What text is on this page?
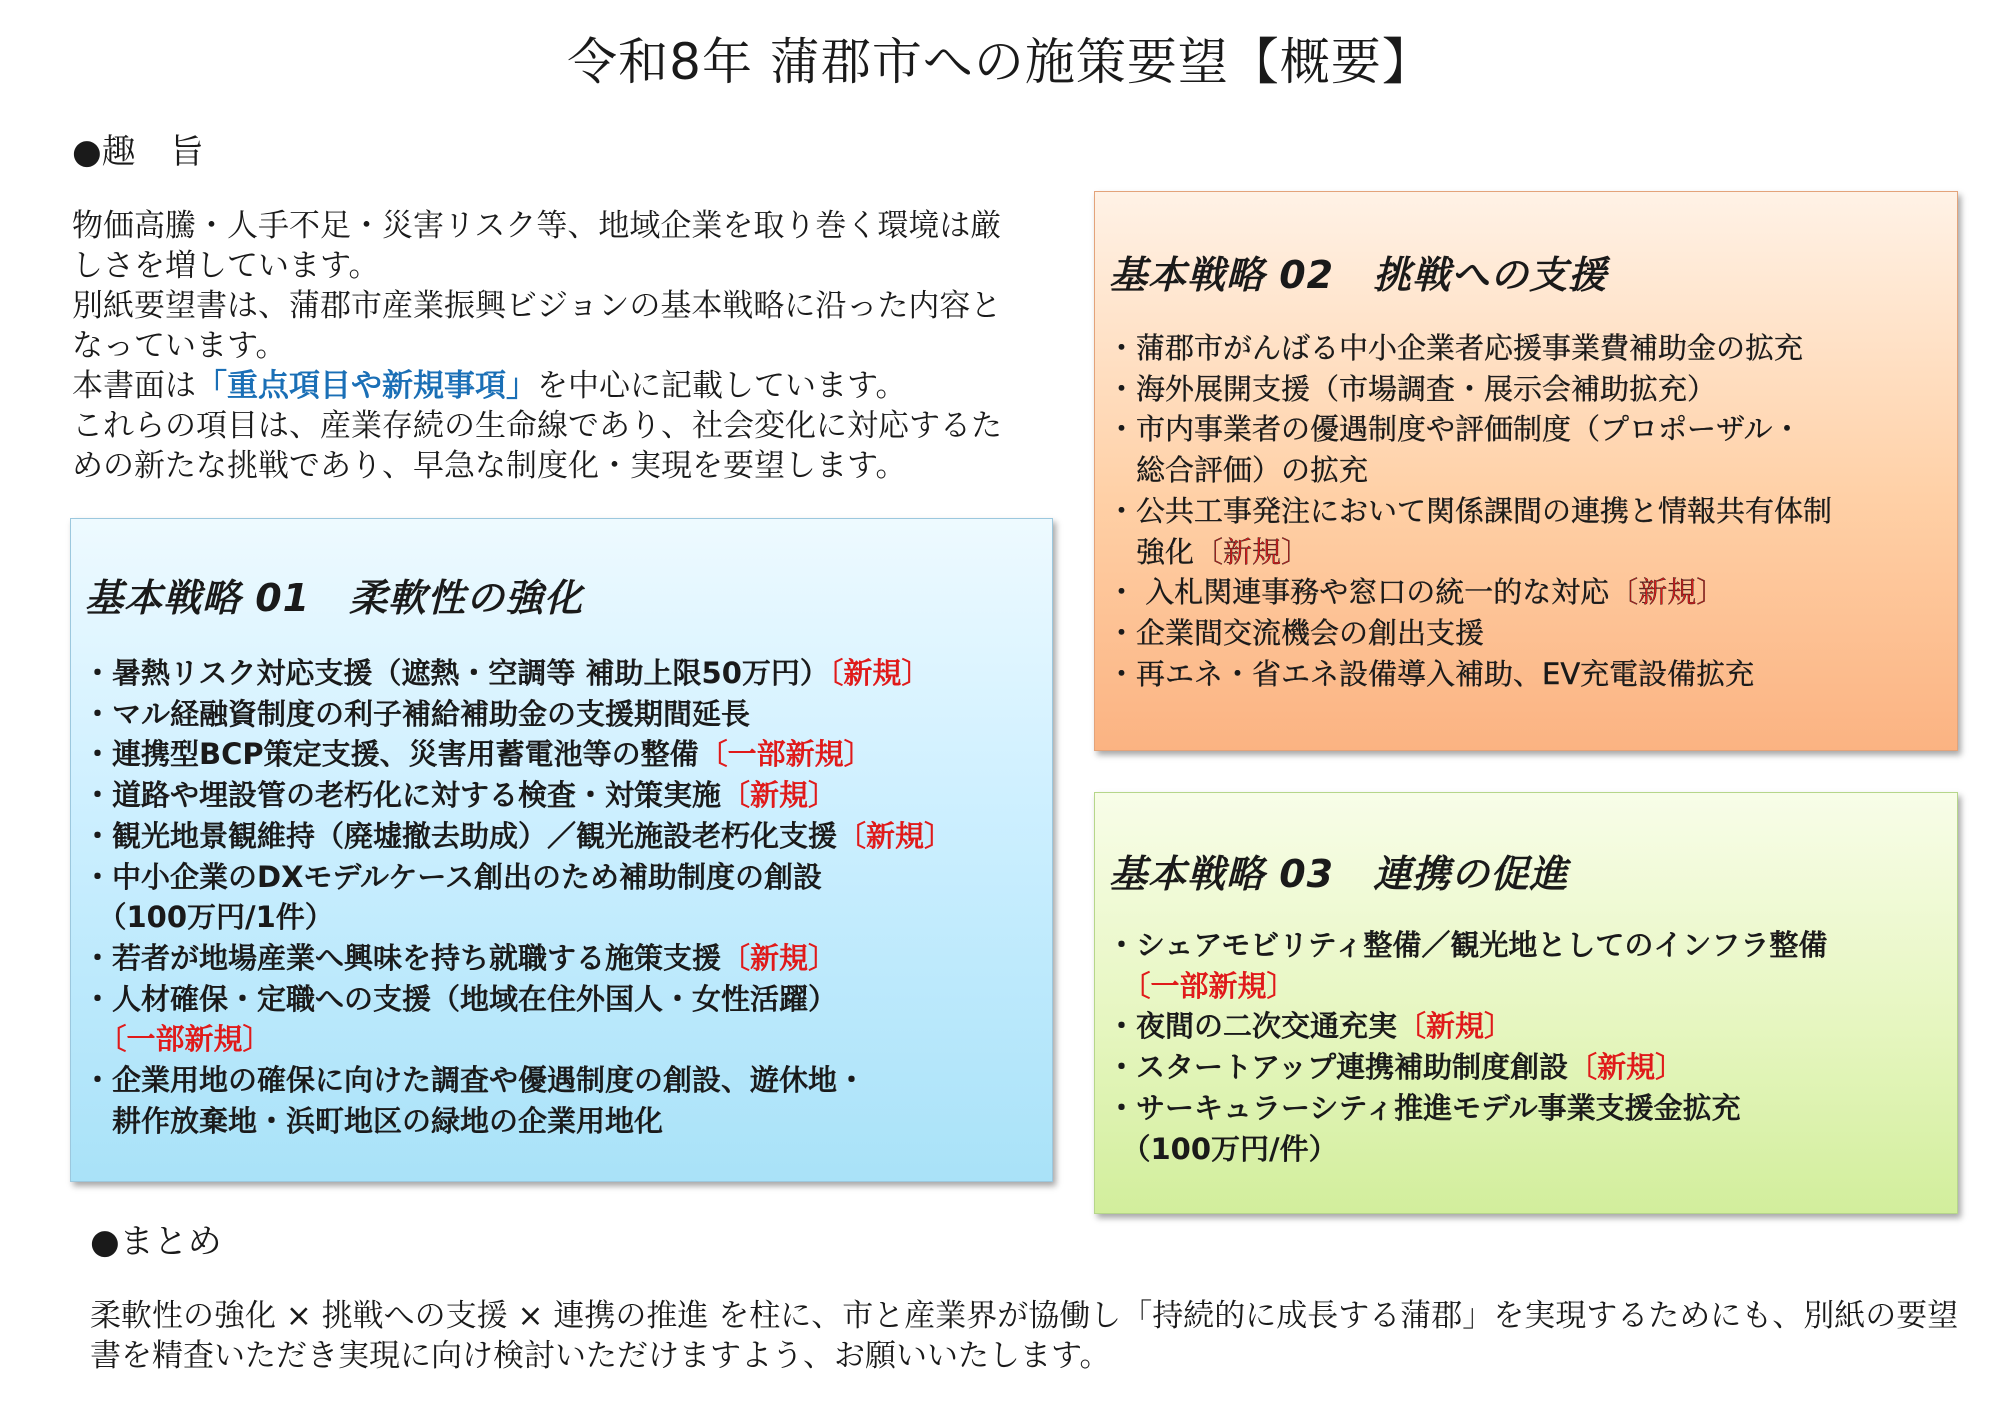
令和8年 蒲郡市への施策要望【概要】
●趣　旨

物価高騰・人手不足・災害リスク等、地域企業を取り巻く環境は厳しさを増しています。

別紙要望書は、蒲郡市産業振興ビジョンの基本戦略に沿った内容となっています。

本書面は「重点項目や新規事項」を中心に記載しています。

これらの項目は、産業存続の生命線であり、社会変化に対応するための新たな挑戦であり、早急な制度化・実現を要望します。

基本戦略 01　柔軟性の強化
・暑熱リスク対応支援（遮熱・空調等 補助上限50万円）〔新規〕
・マル経融資制度の利子補給補助金の支援期間延長
・連携型BCP策定支援、災害用蓄電池等の整備〔一部新規〕
・道路や埋設管の老朽化に対する検査・対策実施〔新規〕
・観光地景観維持（廃墟撤去助成）／観光施設老朽化支援〔新規〕
・中小企業のDXモデルケース創出のため補助制度の創設
　（100万円/1件）
・若者が地場産業へ興味を持ち就職する施策支援〔新規〕
・人材確保・定職への支援（地域在住外国人・女性活躍）
　〔一部新規〕
・企業用地の確保に向けた調査や優遇制度の創設、遊休地・
　耕作放棄地・浜町地区の緑地の企業用地化
基本戦略 02　挑戦への支援
・蒲郡市がんばる中小企業者応援事業費補助金の拡充
・海外展開支援（市場調査・展示会補助拡充）
・市内事業者の優遇制度や評価制度（プロポーザル・
　総合評価）の拡充
・公共工事発注において関係課間の連携と情報共有体制
　強化〔新規〕
・ 入札関連事務や窓口の統一的な対応〔新規〕
・企業間交流機会の創出支援
・再エネ・省エネ設備導入補助、EV充電設備拡充
基本戦略 03　連携の促進
・シェアモビリティ整備／観光地としてのインフラ整備
　〔一部新規〕
・夜間の二次交通充実〔新規〕
・スタートアップ連携補助制度創設〔新規〕
・サーキュラーシティ推進モデル事業支援金拡充
　（100万円/件）
●まとめ

柔軟性の強化 × 挑戦への支援 × 連携の推進 を柱に、市と産業界が協働し「持続的に成長する蒲郡」を実現するためにも、別紙の要望書を精査いただき実現に向け検討いただけますよう、お願いいたします。
